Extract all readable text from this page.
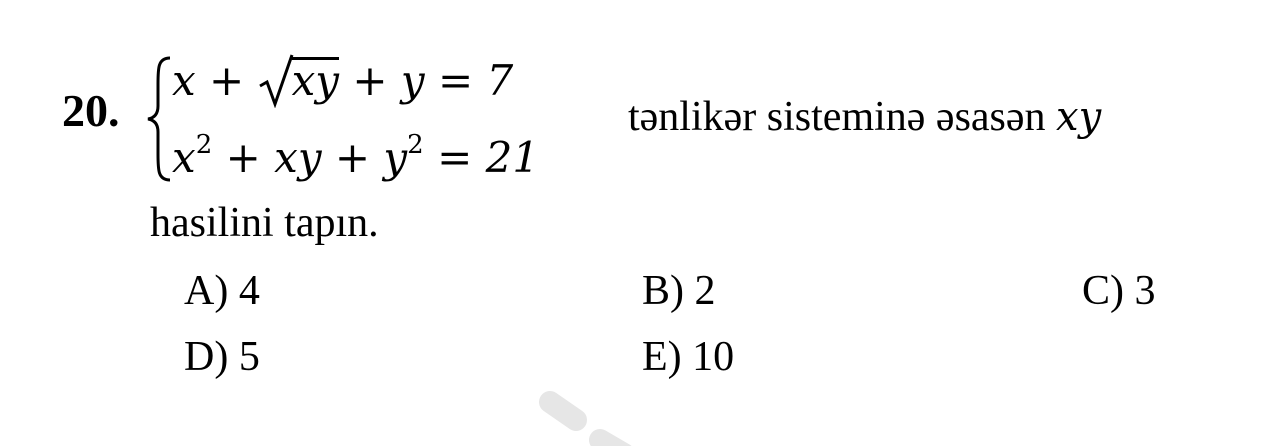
20.
x +
xy + y = 7
$x^2$ + xy + $y^2 = 21$
tənlikər sisteminə əsasən xy
hasilini tapın.
A) 4	B) 2	C) 3
D) 5	E) 10
